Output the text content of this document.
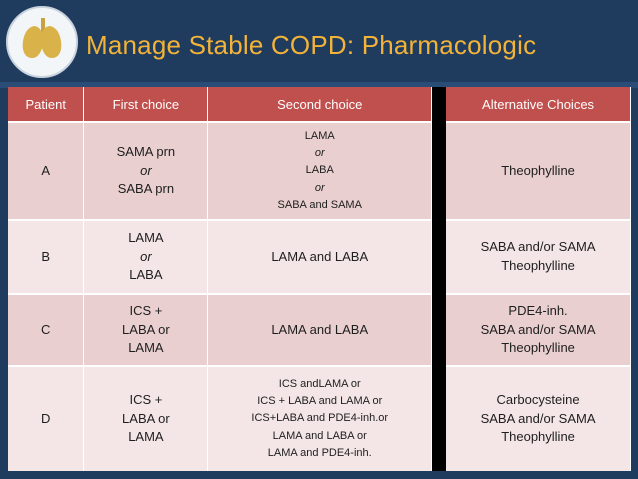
Manage Stable COPD: Pharmacologic
Patient	First choice	Second choice		Alternative Choices
A	SAMA prn
or
SABA prn	LAMA
or
LABA
or
SABA and SAMA		Theophylline

B	LAMA
or
LABA	LAMA and LABA		SABA and/or SAMA
Theophylline

C	ICS +
LABA or
LAMA	LAMA and LABA		PDE4-inh.
SABA and/or SAMA
Theophylline

D	ICS +
LABA or
LAMA	ICS andLAMA or
ICS + LABA and LAMA or
ICS+LABA and PDE4-inh.or
LAMA and LABA or
LAMA and PDE4-inh.		Carbocysteine
SABA and/or SAMA
Theophylline
